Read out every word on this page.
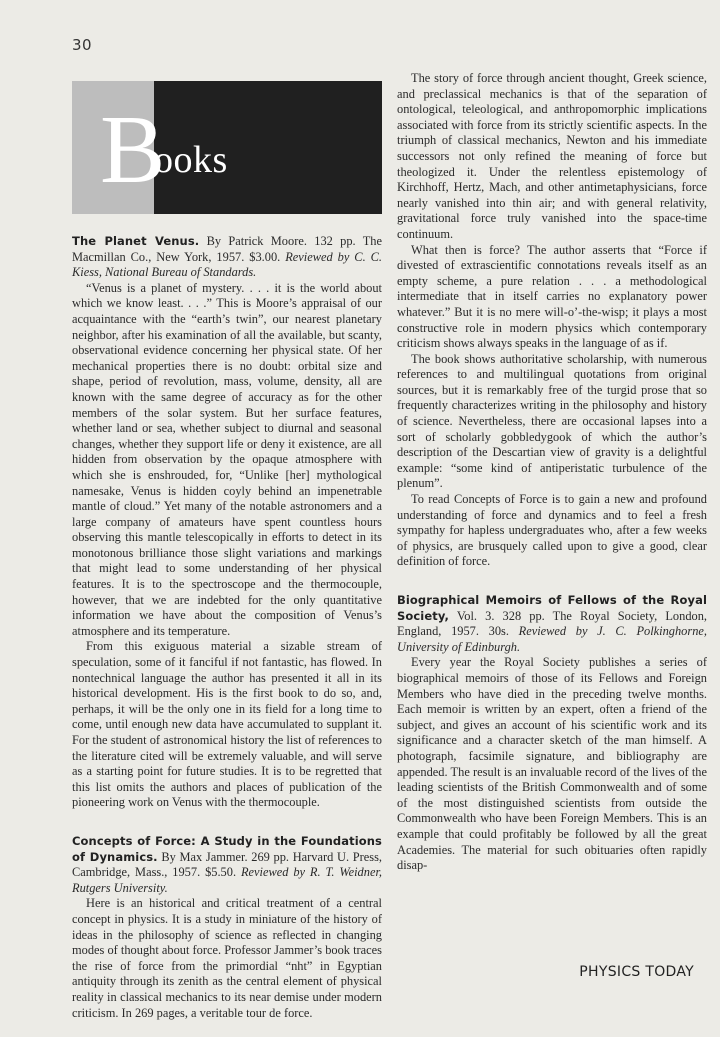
30
B
ooks

The Planet Venus. By Patrick Moore. 132 pp. The Macmillan Co., New York, 1957. $3.00. Reviewed by C. C. Kiess, National Bureau of Standards.

“Venus is a planet of mystery. . . . it is the world about which we know least. . . .” This is Moore’s appraisal of our acquaintance with the “earth’s twin”, our nearest planetary neighbor, after his examination of all the available, but scanty, observational evidence concerning her physical state. Of her mechanical properties there is no doubt: orbital size and shape, period of revolution, mass, volume, density, all are known with the same degree of accuracy as for the other members of the solar system. But her surface features, whether land or sea, whether subject to diurnal and seasonal changes, whether they support life or deny it existence, are all hidden from observation by the opaque atmosphere with which she is enshrouded, for, “Unlike [her] mythological namesake, Venus is hidden coyly behind an impenetrable mantle of cloud.” Yet many of the notable astronomers and a large company of amateurs have spent countless hours observing this mantle telescopically in efforts to detect in its monotonous brilliance those slight variations and markings that might lead to some understanding of her physical features. It is to the spectroscope and the thermocouple, however, that we are indebted for the only quantitative information we have about the composition of Venus’s atmosphere and its temperature.

From this exiguous material a sizable stream of speculation, some of it fanciful if not fantastic, has flowed. In nontechnical language the author has presented it all in its historical development. His is the first book to do so, and, perhaps, it will be the only one in its field for a long time to come, until enough new data have accumulated to supplant it. For the student of astronomical history the list of references to the literature cited will be extremely valuable, and will serve as a starting point for future studies. It is to be regretted that this list omits the authors and places of publication of the pioneering work on Venus with the thermocouple.

Concepts of Force: A Study in the Foundations of Dynamics. By Max Jammer. 269 pp. Harvard U. Press, Cambridge, Mass., 1957. $5.50. Reviewed by R. T. Weidner, Rutgers University.

Here is an historical and critical treatment of a central concept in physics. It is a study in miniature of the history of ideas in the philosophy of science as reflected in changing modes of thought about force. Professor Jammer’s book traces the rise of force from the primordial “nht” in Egyptian antiquity through its zenith as the central element of physical reality in classical mechanics to its near demise under modern criticism. In 269 pages, a veritable tour de force.

The story of force through ancient thought, Greek science, and preclassical mechanics is that of the separation of ontological, teleological, and anthropomorphic implications associated with force from its strictly scientific aspects. In the triumph of classical mechanics, Newton and his immediate successors not only refined the meaning of force but theologized it. Under the relentless epistemology of Kirchhoff, Hertz, Mach, and other antimetaphysicians, force nearly vanished into thin air; and with general relativity, gravitational force truly vanished into the space-time continuum.

What then is force? The author asserts that “Force if divested of extrascientific connotations reveals itself as an empty scheme, a pure relation . . . a methodological intermediate that in itself carries no explanatory power whatever.” But it is no mere will-o’-the-wisp; it plays a most constructive role in modern physics which contemporary criticism shows always speaks in the language of as if.

The book shows authoritative scholarship, with numerous references to and multilingual quotations from original sources, but it is remarkably free of the turgid prose that so frequently characterizes writing in the philosophy and history of science. Nevertheless, there are occasional lapses into a sort of scholarly gobbledygook of which the author’s description of the Descartian view of gravity is a delightful example: “some kind of antiperistatic turbulence of the plenum”.

To read Concepts of Force is to gain a new and profound understanding of force and dynamics and to feel a fresh sympathy for hapless undergraduates who, after a few weeks of physics, are brusquely called upon to give a good, clear definition of force.

Biographical Memoirs of Fellows of the Royal Society, Vol. 3. 328 pp. The Royal Society, London, England, 1957. 30s. Reviewed by J. C. Polkinghorne, University of Edinburgh.

Every year the Royal Society publishes a series of biographical memoirs of those of its Fellows and Foreign Members who have died in the preceding twelve months. Each memoir is written by an expert, often a friend of the subject, and gives an account of his scientific work and its significance and a character sketch of the man himself. A photograph, facsimile signature, and bibliography are appended. The result is an invaluable record of the lives of the leading scientists of the British Commonwealth and of some of the most distinguished scientists from outside the Commonwealth who have been Foreign Members. This is an example that could profitably be followed by all the great Academies. The material for such obituaries often rapidly disap-

PHYSICS TODAY
